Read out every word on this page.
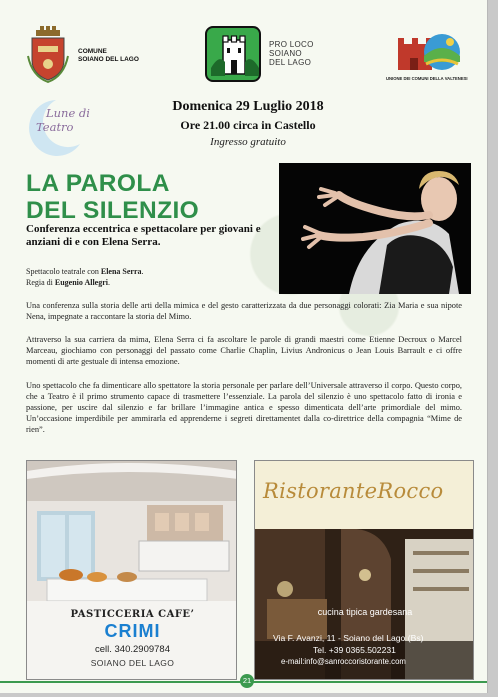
COMUNE
SOIANO DEL LAGO
PRO LOCO
SOIANO
DEL LAGO
UNIONE DEI COMUNI DELLA VALTENESI
Lune di
Teatro
Domenica 29 Luglio 2018
Ore 21.00 circa in Castello
Ingresso gratuito
LA PAROLA
DEL SILENZIO
Conferenza eccentrica e spettacolare per giovani e anziani di e con Elena Serra.
Spettacolo teatrale con Elena Serra.
Regia di Eugenio Allegri.
Una conferenza sulla storia delle arti della mimica e del gesto caratterizzata da due personaggi colorati: Zia Maria e sua nipote Nena, impegnate a raccontare la storia del Mimo.
Attraverso la sua carriera da mima, Elena Serra ci fa ascoltare le parole di grandi maestri come Etienne Decroux o Marcel Marceau, giochiamo con personaggi del passato come Charlie Chaplin, Livius Andronicus o Jean Louis Barrault e ci offre momenti di arte gestuale di intensa emozione.
Uno spettacolo che fa dimenticare allo spettatore la storia personale per parlare dell’Universale attraverso il corpo. Questo corpo, che a Teatro è il primo strumento capace di trasmettere l’essenziale. La parola del silenzio è uno spettacolo fatto di ironia e passione, per uscire dal silenzio e far brillare l’immagine antica e spesso dimenticata dell’arte primordiale del mimo. Un’occasione imperdibile per ammirarla ed apprenderne i segreti direttamentet dalla co-direttrice della compagnia “Mime de rien”.
PASTICCERIA CAFE’
CRIMI
cell. 340.2909784
SOIANO DEL LAGO
RistoranteRocco
cucina tipica gardesana
Via F. Avanzi, 11 - Soiano del Lago (Bs)
Tel. +39 0365.502231
e-mail:info@sanroccoristorante.com
21
